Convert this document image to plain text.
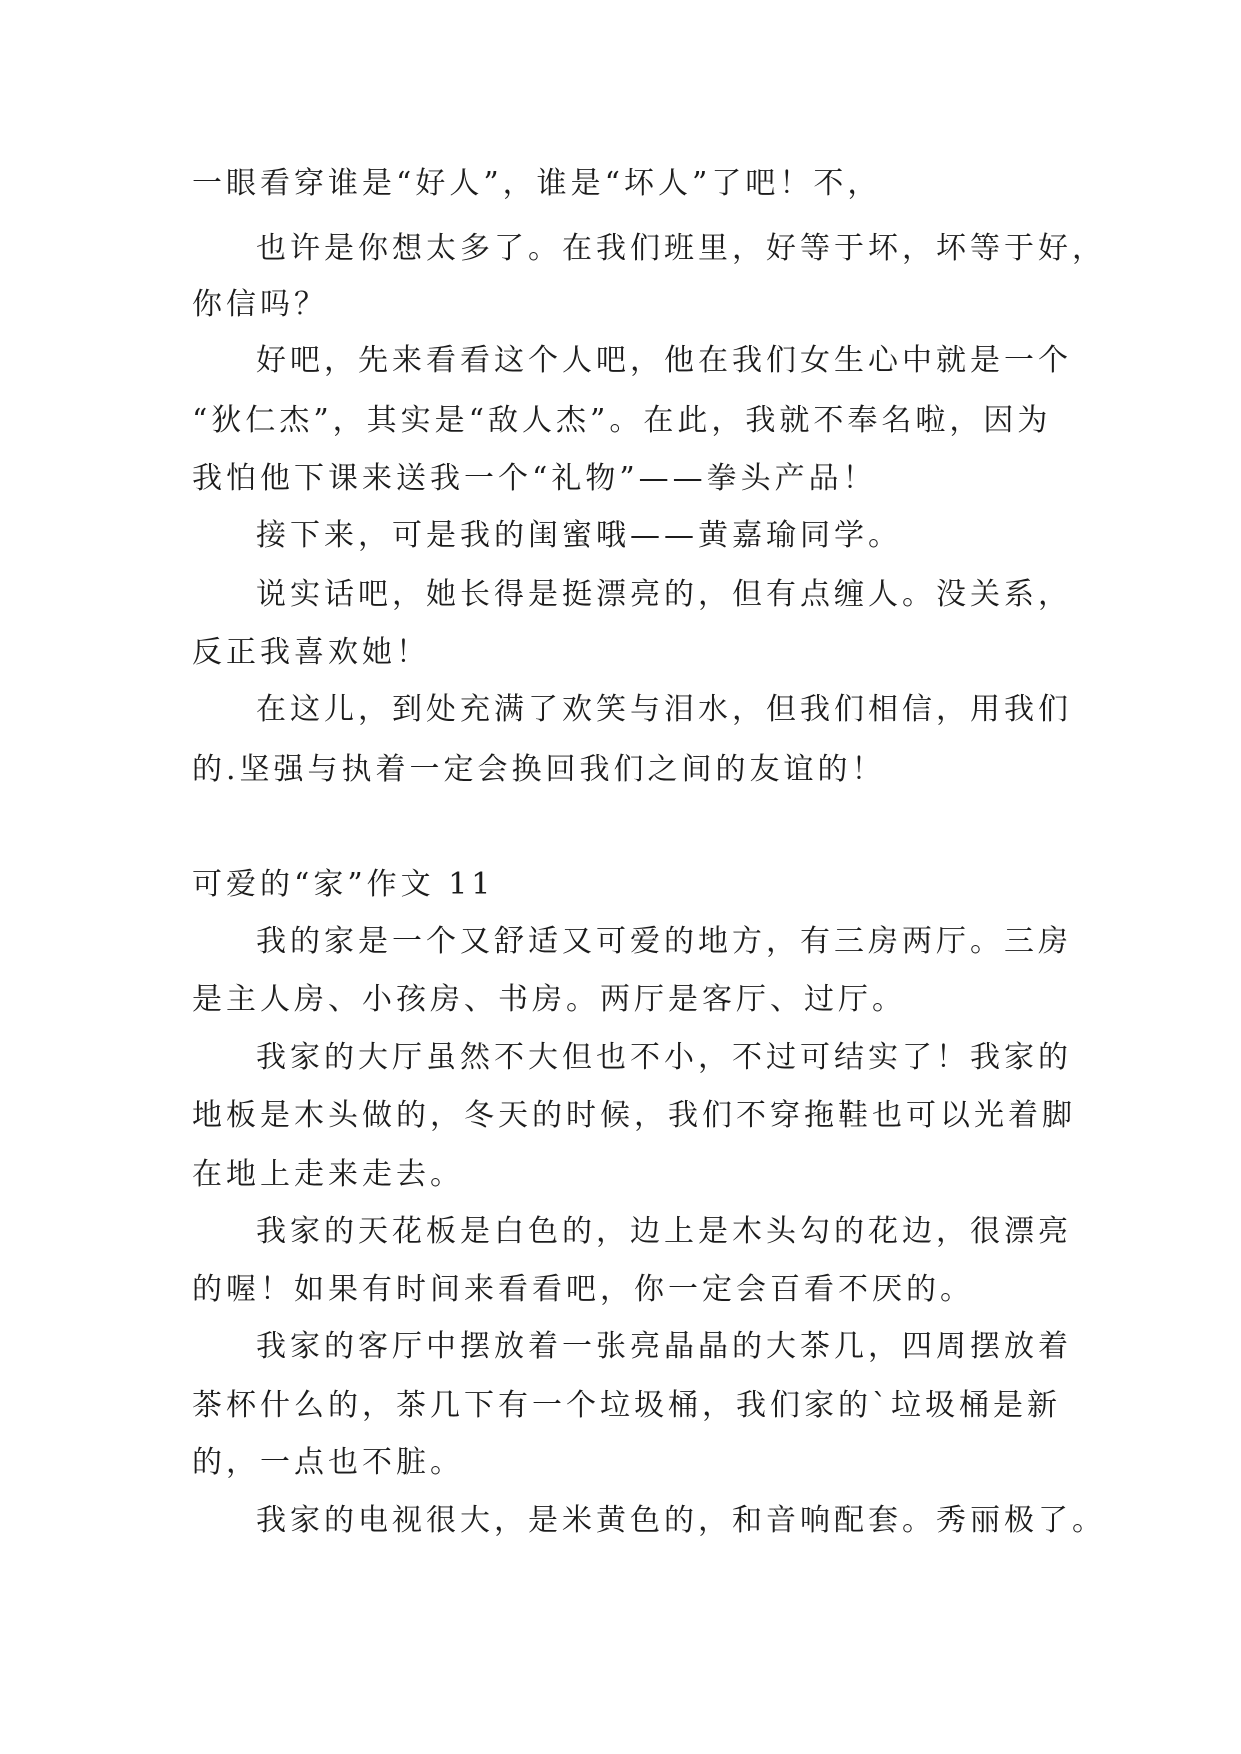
一眼看穿谁是“好人”，谁是“坏人”了吧！不，
也许是你想太多了。在我们班里，好等于坏，坏等于好，
你信吗？
好吧，先来看看这个人吧，他在我们女生心中就是一个
“狄仁杰”，其实是“敌人杰”。在此，我就不奉名啦，因为
我怕他下课来送我一个“礼物”——拳头产品！
接下来，可是我的闺蜜哦——黄嘉瑜同学。
说实话吧，她长得是挺漂亮的，但有点缠人。没关系，
反正我喜欢她！
在这儿，到处充满了欢笑与泪水，但我们相信，用我们
的.坚强与执着一定会换回我们之间的友谊的！
可爱的“家”作文 11
我的家是一个又舒适又可爱的地方，有三房两厅。三房
是主人房、小孩房、书房。两厅是客厅、过厅。
我家的大厅虽然不大但也不小，不过可结实了！我家的
地板是木头做的，冬天的时候，我们不穿拖鞋也可以光着脚
在地上走来走去。
我家的天花板是白色的，边上是木头勾的花边，很漂亮
的喔！如果有时间来看看吧，你一定会百看不厌的。
我家的客厅中摆放着一张亮晶晶的大茶几，四周摆放着
茶杯什么的，茶几下有一个垃圾桶，我们家的`垃圾桶是新
的，一点也不脏。
我家的电视很大，是米黄色的，和音响配套。秀丽极了。
